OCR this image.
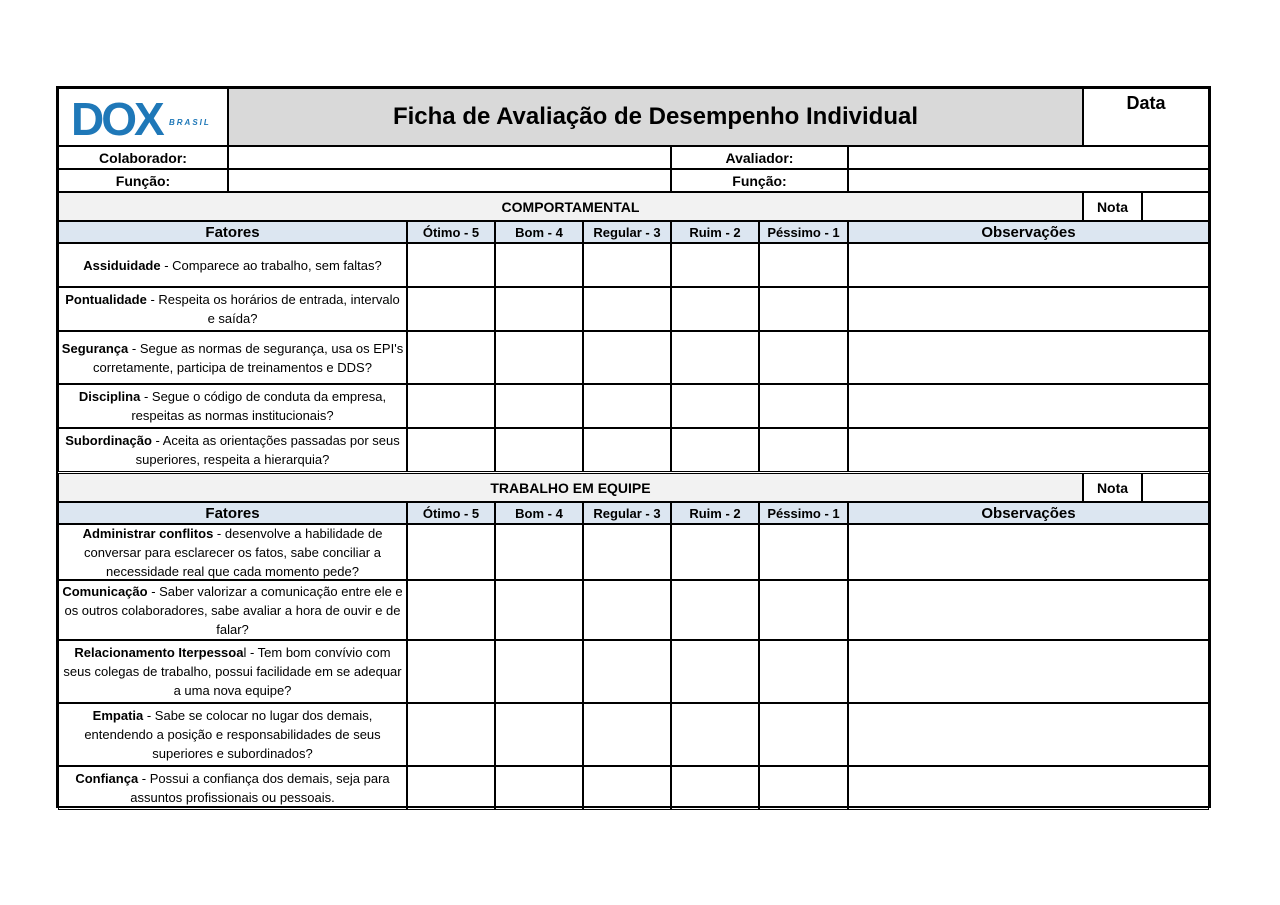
DOX BRASIL	Ficha de Avaliação de Desempenho Individual	Data
Colaborador:	Avaliador:
Função:	Função:
COMPORTAMENTAL	Nota
Fatores	Ótimo - 5	Bom - 4	Regular - 3	Ruim - 2	Péssimo - 1	Observações
Assiduidade - Comparece ao trabalho, sem faltas?
Pontualidade - Respeita os horários de entrada, intervalo e saída?
Segurança - Segue as normas de segurança, usa os EPI's corretamente, participa de treinamentos e DDS?
Disciplina - Segue o código de conduta da empresa, respeitas as normas institucionais?
Subordinação - Aceita as orientações passadas por seus superiores, respeita a hierarquia?
TRABALHO EM EQUIPE	Nota
Fatores	Ótimo - 5	Bom - 4	Regular - 3	Ruim - 2	Péssimo - 1	Observações
Administrar conflitos - desenvolve a habilidade de conversar para esclarecer os fatos, sabe conciliar a necessidade real que cada momento pede?
Comunicação - Saber valorizar a comunicação entre ele e os outros colaboradores, sabe avaliar a hora de ouvir e de falar?
Relacionamento Iterpessoal - Tem bom convívio com seus colegas de trabalho, possui facilidade em se adequar a uma nova equipe?
Empatia - Sabe se colocar no lugar dos demais, entendendo a posição e responsabilidades de seus superiores e subordinados?
Confiança - Possui a confiança dos demais, seja para assuntos profissionais ou pessoais.
